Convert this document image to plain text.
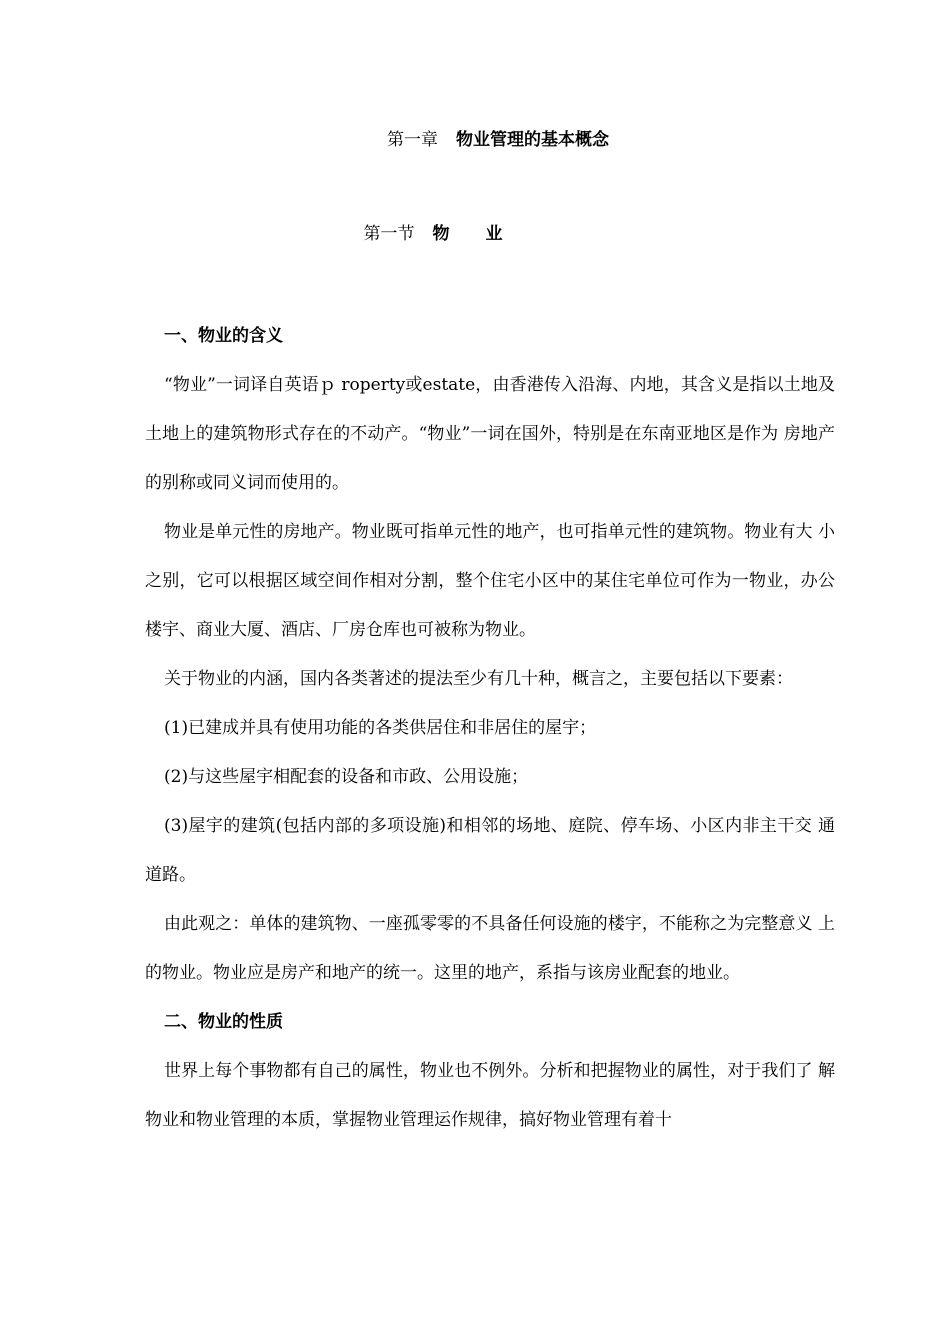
第一章 物业管理的基本概念
第一节 物业
一、物业的含义

“物业”一词译自英语ｐ roperty或estate，由香港传入沿海、内地，其含义是指以土地及土地上的建筑物形式存在的不动产。“物业”一词在国外，特别是在东南亚地区是作为 房地产的别称或同义词而使用的。

物业是单元性的房地产。物业既可指单元性的地产，也可指单元性的建筑物。物业有大 小之别，它可以根据区域空间作相对分割，整个住宅小区中的某住宅单位可作为一物业，办公楼宇、商业大厦、酒店、厂房仓库也可被称为物业。

关于物业的内涵，国内各类著述的提法至少有几十种，概言之，主要包括以下要素：

(1)已建成并具有使用功能的各类供居住和非居住的屋宇；

(2)与这些屋宇相配套的设备和市政、公用设施；

(3)屋宇的建筑(包括内部的多项设施)和相邻的场地、庭院、停车场、小区内非主干交 通道路。

由此观之：单体的建筑物、一座孤零零的不具备任何设施的楼宇，不能称之为完整意义 上的物业。物业应是房产和地产的统一。这里的地产，系指与该房业配套的地业。

二、物业的性质

世界上每个事物都有自己的属性，物业也不例外。分析和把握物业的属性，对于我们了 解物业和物业管理的本质，掌握物业管理运作规律，搞好物业管理有着十
